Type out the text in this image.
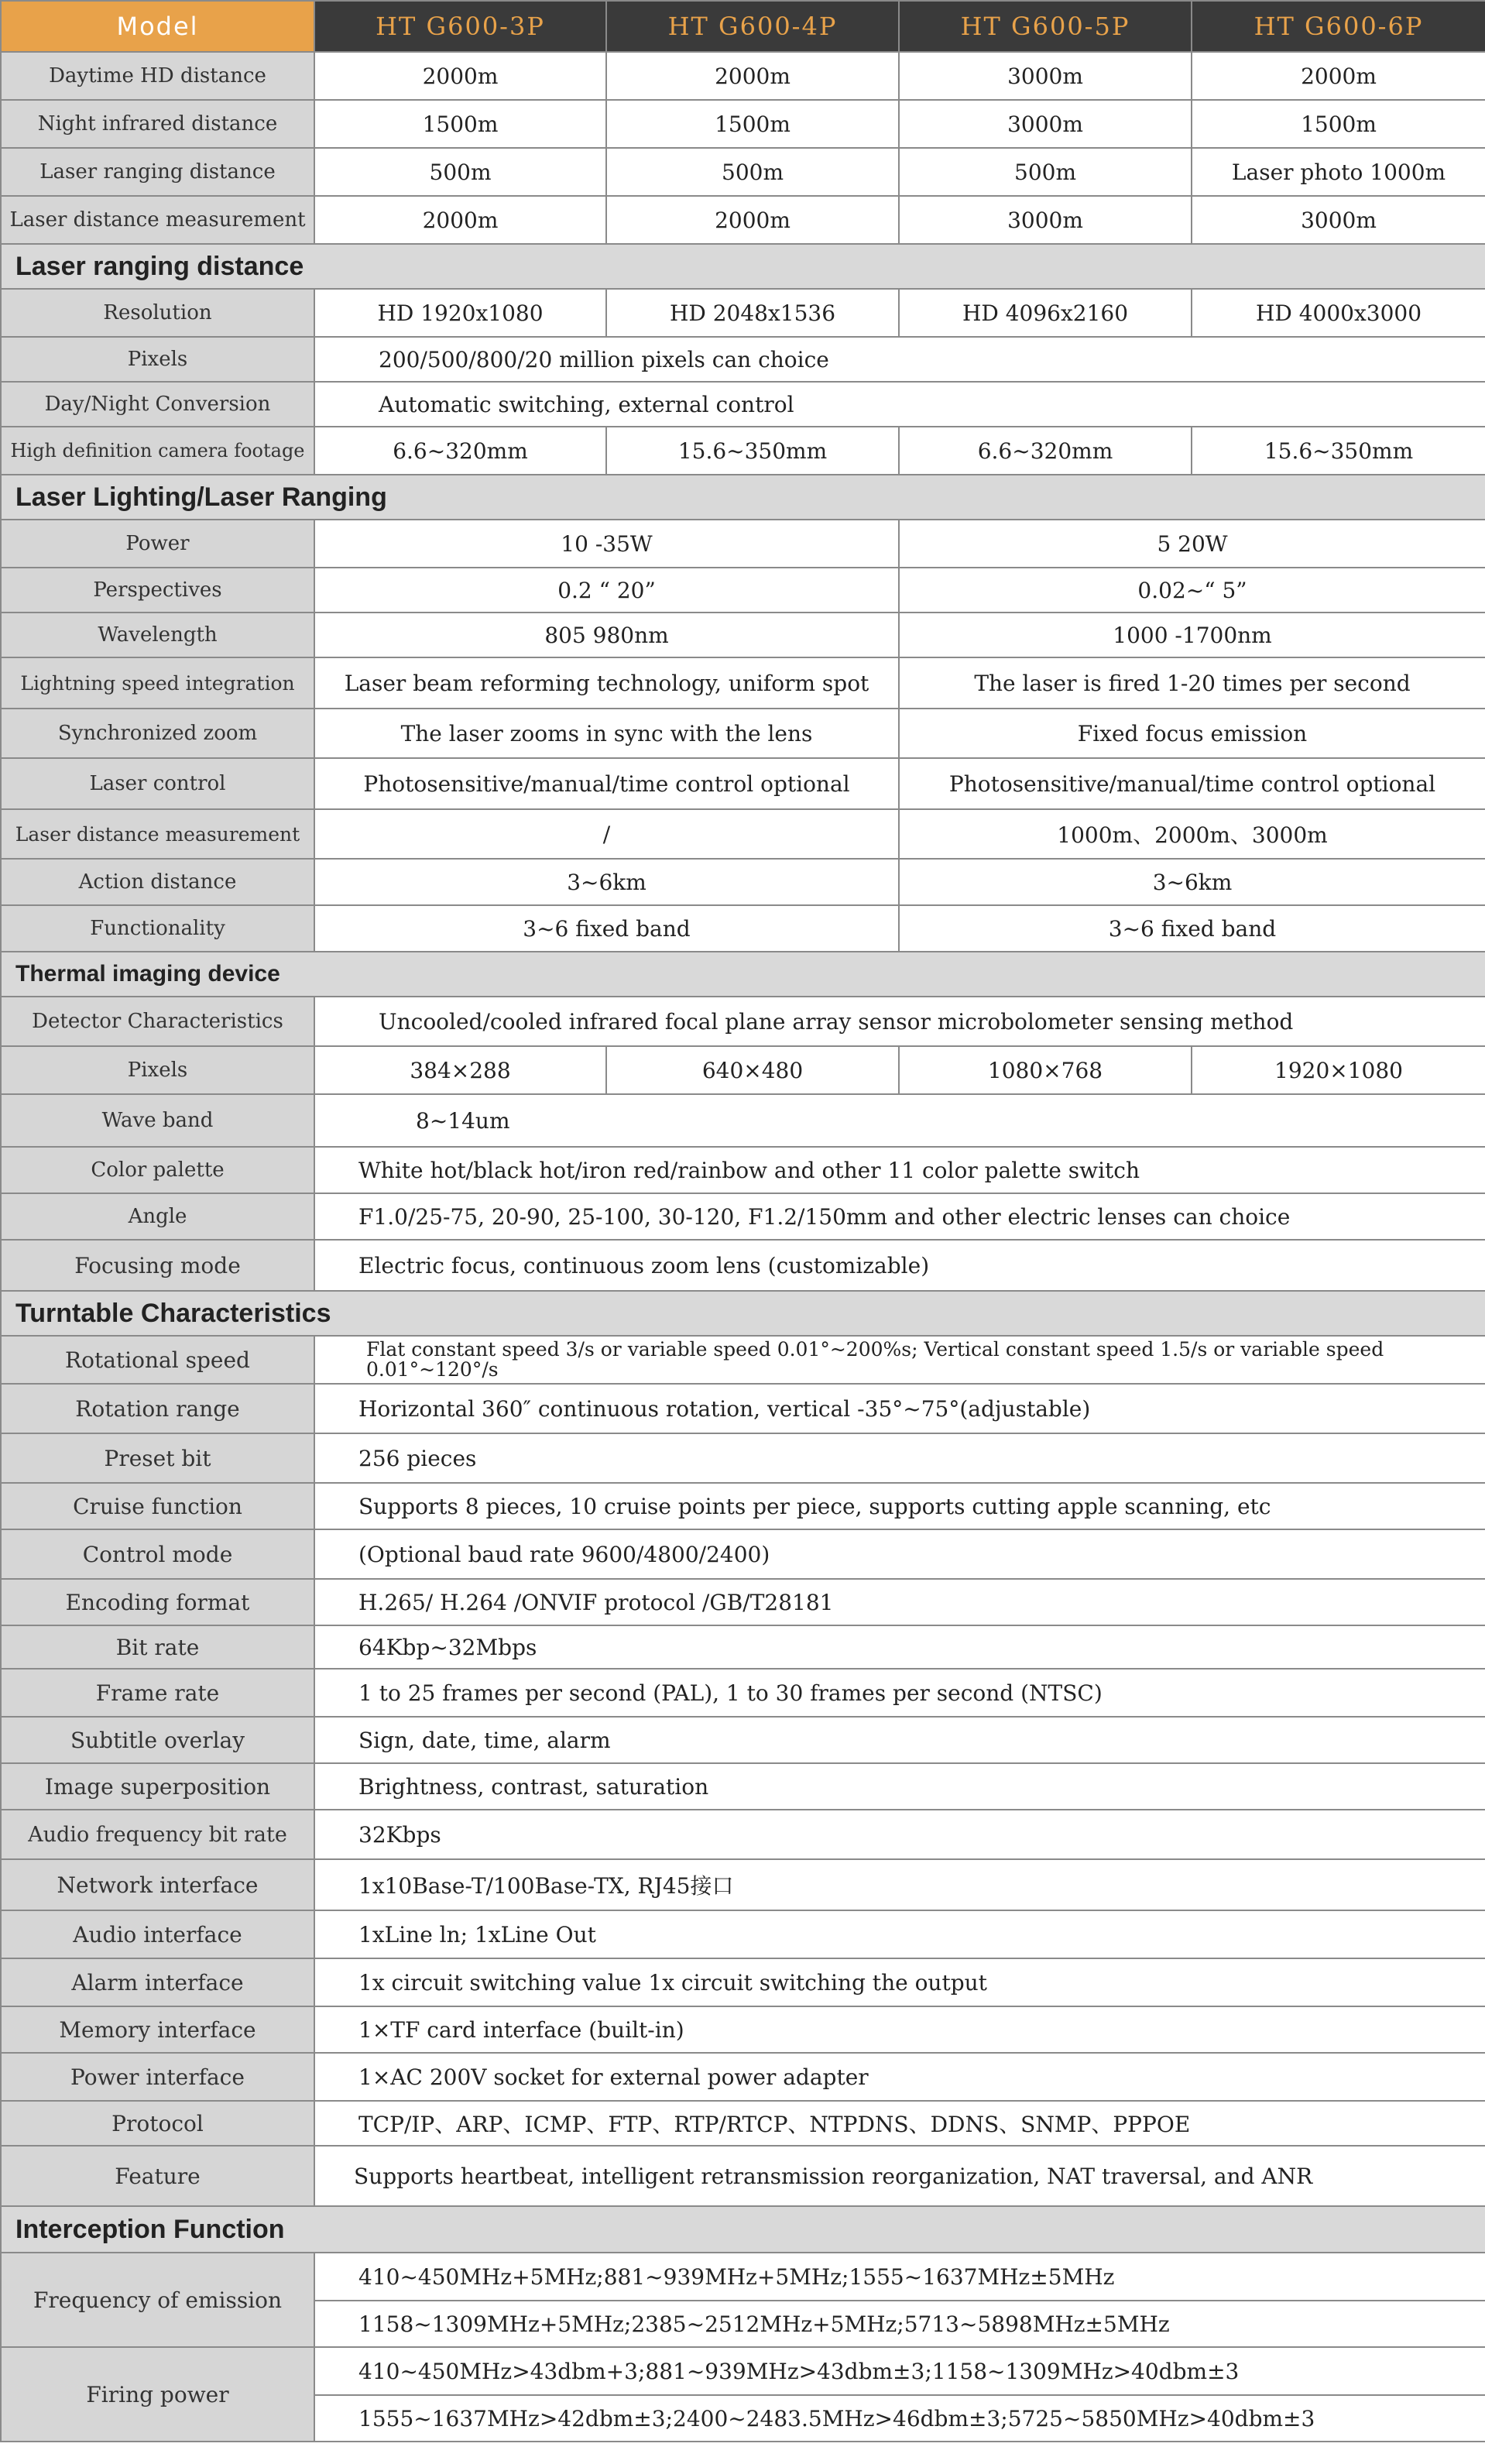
Model	HT G600-3P	HT G600-4P	HT G600-5P	HT G600-6P
Daytime HD distance	2000m	2000m	3000m	2000m
Night infrared distance	1500m	1500m	3000m	1500m
Laser ranging distance	500m	500m	500m	Laser photo 1000m
Laser distance measurement	2000m	2000m	3000m	3000m
Laser ranging distance				
Resolution	HD 1920x1080	HD 2048x1536	HD 4096x2160	HD 4000x3000
Pixels	200/500/800/20 million pixels can choice			
Day/Night Conversion	Automatic switching, external control			
High definition camera footage	6.6~320mm	15.6~350mm	6.6~320mm	15.6~350mm
Laser Lighting/Laser Ranging				
Power	10 -35W		5 20W	
Perspectives	0.2 “ 20”		0.02~“ 5”	
Wavelength	805 980nm		1000 -1700nm	
Lightning speed integration	Laser beam reforming technology, uniform spot		The laser is fired 1-20 times per second	
Synchronized zoom	The laser zooms in sync with the lens		Fixed focus emission	
Laser control	Photosensitive/manual/time control optional		Photosensitive/manual/time control optional	
Laser distance measurement	/		1000m、2000m、3000m	
Action distance	3~6km		3~6km	
Functionality	3~6 fixed band		3~6 fixed band	
Thermal imaging device				
Detector Characteristics	Uncooled/cooled infrared focal plane array sensor microbolometer sensing method			
Pixels	384×288	640×480	1080×768	1920×1080
Wave band	8~14um			
Color palette	White hot/black hot/iron red/rainbow and other 11 color palette switch			
Angle	F1.0/25-75, 20-90, 25-100, 30-120, F1.2/150mm and other electric lenses can choice			
Focusing mode	Electric focus, continuous zoom lens (customizable)			
Turntable Characteristics				
Rotational speed	Flat constant speed 3/s or variable speed 0.01°~200%s; Vertical constant speed 1.5/s or variable speed 0.01°~120°/s			
Rotation range	Horizontal 360″ continuous rotation, vertical -35°~75°(adjustable)			
Preset bit	256 pieces			
Cruise function	Supports 8 pieces, 10 cruise points per piece, supports cutting apple scanning, etc			
Control mode	(Optional baud rate 9600/4800/2400)			
Encoding format	H.265/ H.264 /ONVIF protocol /GB/T28181			
Bit rate	64Kbp~32Mbps			
Frame rate	1 to 25 frames per second (PAL), 1 to 30 frames per second (NTSC)			
Subtitle overlay	Sign, date, time, alarm			
Image superposition	Brightness, contrast, saturation			
Audio frequency bit rate	32Kbps			
Network interface	1x10Base-T/100Base-TX, RJ45接口			
Audio interface	1xLine ln; 1xLine Out			
Alarm interface	1x circuit switching value 1x circuit switching the output			
Memory interface	1×TF card interface (built-in)			
Power interface	1×AC 200V socket for external power adapter			
Protocol	TCP/IP、ARP、ICMP、FTP、RTP/RTCP、NTPDNS、DDNS、SNMP、PPPOE			
Feature	Supports heartbeat, intelligent retransmission reorganization, NAT traversal, and ANR			
Interception Function				
Frequency of emission	410~450MHz+5MHz;881~939MHz+5MHz;1555~1637MHz±5MHz			
	1158~1309MHz+5MHz;2385~2512MHz+5MHz;5713~5898MHz±5MHz			
Firing power	410~450MHz>43dbm+3;881~939MHz>43dbm±3;1158~1309MHz>40dbm±3			
	1555~1637MHz>42dbm±3;2400~2483.5MHz>46dbm±3;5725~5850MHz>40dbm±3			
